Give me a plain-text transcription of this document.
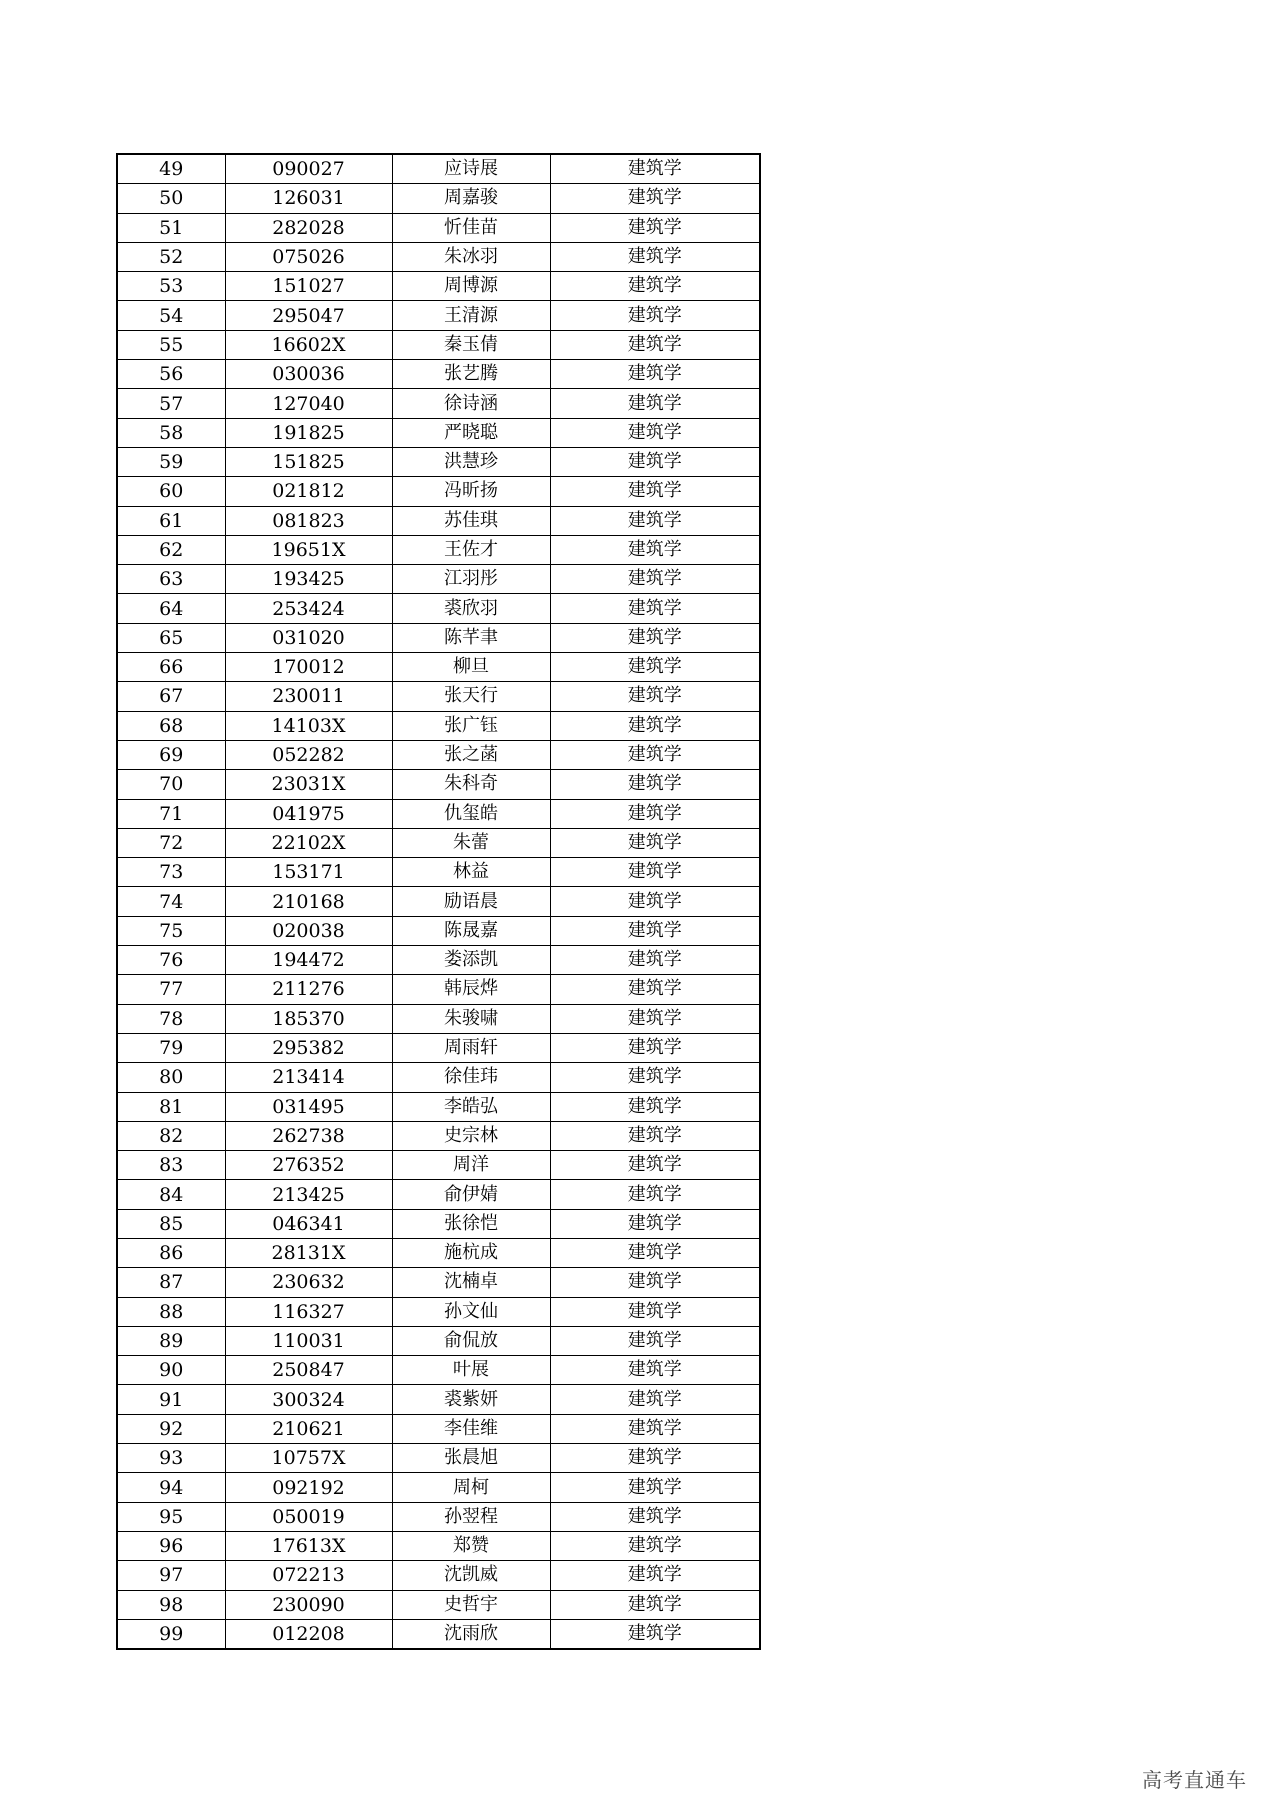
49	090027	应诗展	建筑学
50	126031	周嘉骏	建筑学
51	282028	忻佳苗	建筑学
52	075026	朱冰羽	建筑学
53	151027	周博源	建筑学
54	295047	王清源	建筑学
55	16602X	秦玉倩	建筑学
56	030036	张艺腾	建筑学
57	127040	徐诗涵	建筑学
58	191825	严晓聪	建筑学
59	151825	洪慧珍	建筑学
60	021812	冯昕扬	建筑学
61	081823	苏佳琪	建筑学
62	19651X	王佐才	建筑学
63	193425	江羽彤	建筑学
64	253424	裘欣羽	建筑学
65	031020	陈芊聿	建筑学
66	170012	柳旦	建筑学
67	230011	张天行	建筑学
68	14103X	张广钰	建筑学
69	052282	张之菡	建筑学
70	23031X	朱科奇	建筑学
71	041975	仇玺皓	建筑学
72	22102X	朱蕾	建筑学
73	153171	林益	建筑学
74	210168	励语晨	建筑学
75	020038	陈晟嘉	建筑学
76	194472	娄添凯	建筑学
77	211276	韩辰烨	建筑学
78	185370	朱骏啸	建筑学
79	295382	周雨轩	建筑学
80	213414	徐佳玮	建筑学
81	031495	李皓弘	建筑学
82	262738	史宗林	建筑学
83	276352	周洋	建筑学
84	213425	俞伊婧	建筑学
85	046341	张徐恺	建筑学
86	28131X	施杭成	建筑学
87	230632	沈楠卓	建筑学
88	116327	孙文仙	建筑学
89	110031	俞侃放	建筑学
90	250847	叶展	建筑学
91	300324	裘紫妍	建筑学
92	210621	李佳维	建筑学
93	10757X	张晨旭	建筑学
94	092192	周柯	建筑学
95	050019	孙翌程	建筑学
96	17613X	郑赞	建筑学
97	072213	沈凯威	建筑学
98	230090	史哲宇	建筑学
99	012208	沈雨欣	建筑学
高考直通车
